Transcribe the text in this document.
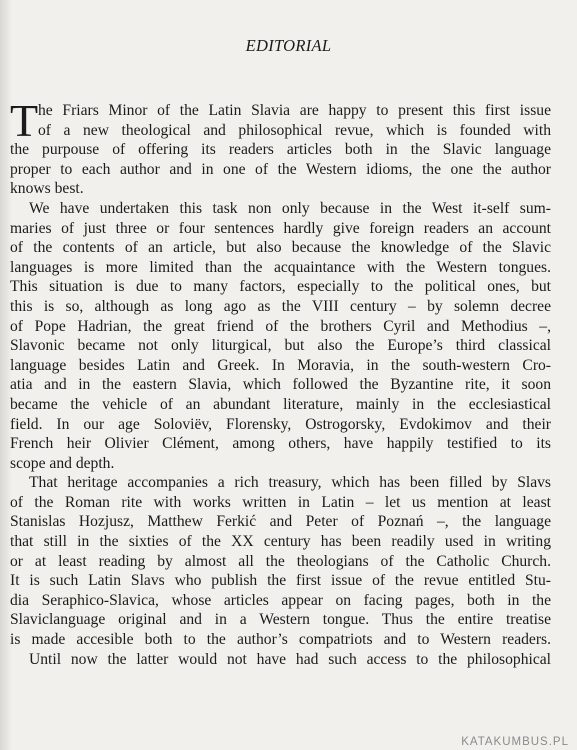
EDITORIAL
T he Friars Minor of the Latin Slavia are happy to present this first issue
of a new theological and philosophical revue, which is founded with
the purpouse of offering its readers articles both in the Slavic language
proper to each author and in one of the Western idioms, the one the author
knows best.
We have undertaken this task non only because in the West it-self sum-
maries of just three or four sentences hardly give foreign readers an account
of the contents of an article, but also because the knowledge of the Slavic
languages is more limited than the acquaintance with the Western tongues.
This situation is due to many factors, especially to the political ones, but
this is so, although as long ago as the VIII century – by solemn decree
of Pope Hadrian, the great friend of the brothers Cyril and Methodius –,
Slavonic became not only liturgical, but also the Europe’s third classical
language besides Latin and Greek. In Moravia, in the south-western Cro-
atia and in the eastern Slavia, which followed the Byzantine rite, it soon
became the vehicle of an abundant literature, mainly in the ecclesiastical
field. In our age Soloviëv, Florensky, Ostrogorsky, Evdokimov and their
French heir Olivier Clément, among others, have happily testified to its
scope and depth.
That heritage accompanies a rich treasury, which has been filled by Slavs
of the Roman rite with works written in Latin – let us mention at least
Stanislas Hozjusz, Matthew Ferkić and Peter of Poznań –, the language
that still in the sixties of the XX century has been readily used in writing
or at least reading by almost all the theologians of the Catholic Church.
It is such Latin Slavs who publish the first issue of the revue entitled Stu-
dia Seraphico-Slavica, whose articles appear on facing pages, both in the
Slaviclanguage original and in a Western tongue. Thus the entire treatise
is made accesible both to the author’s compatriots and to Western readers.
Until now the latter would not have had such access to the philosophical
KATAKUMBUS.PL
